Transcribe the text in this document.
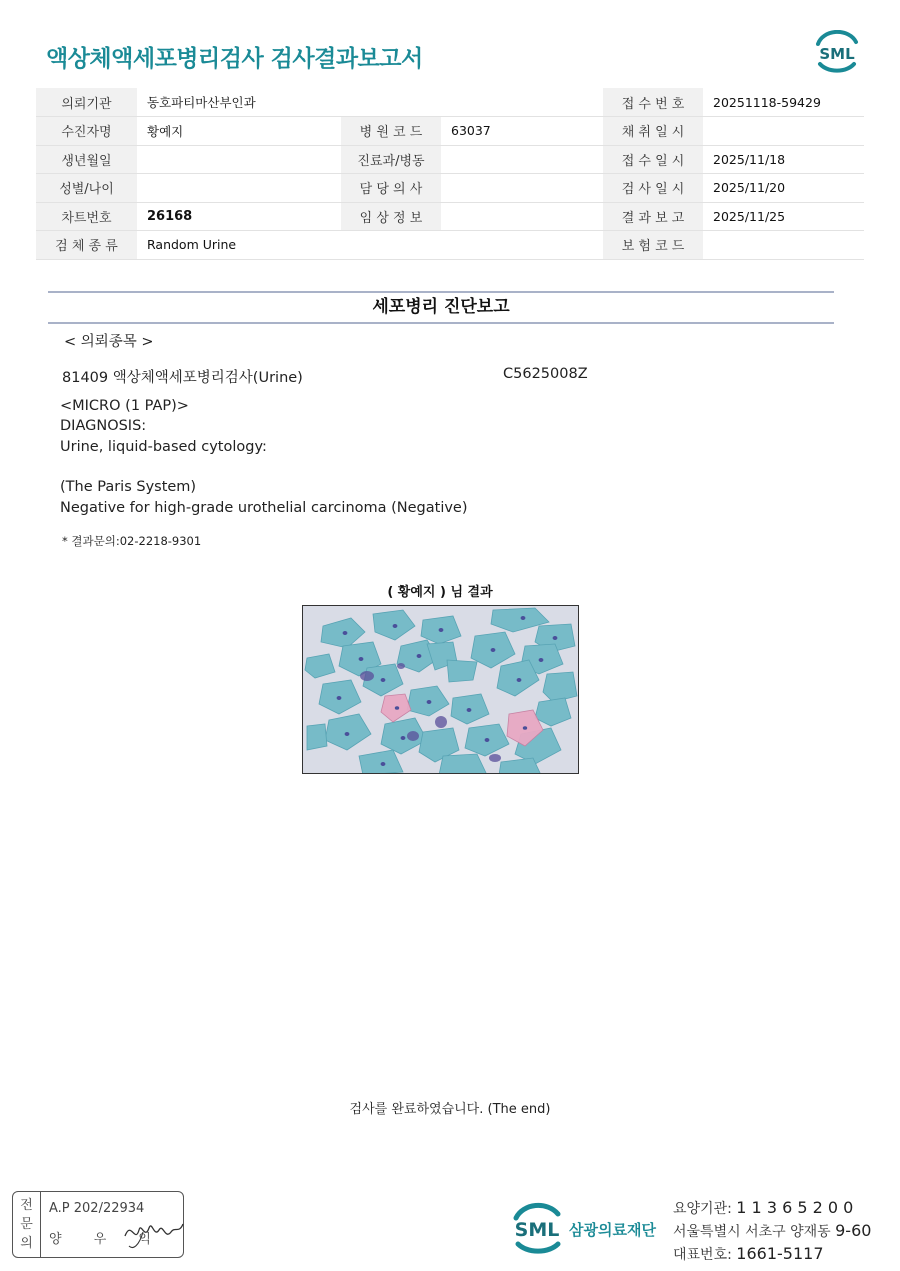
액상체액세포병리검사 검사결과보고서	SML
의뢰기관	동호파티마산부인과			접 수 번 호	20251118-59429
수진자명	황예지	병 원 코 드	63037	채 취 일 시	
생년월일		진료과/병동		접 수 일 시	2025/11/18
성별/나이		담 당 의 사		검 사 일 시	2025/11/20
차트번호	26168	임 상 정 보		결 과 보 고	2025/11/25
검 체 종 류	Random Urine			보 험 코 드	
세포병리 진단보고
< 의뢰종목 >
81409 액상체액세포병리검사(Urine)	C5625008Z
<MICRO (1 PAP)>
DIAGNOSIS:
Urine, liquid-based cytology:
(The Paris System)
Negative for high-grade urothelial carcinoma (Negative)
* 결과문의:02-2218-9301
( 황예지 ) 님 결과
검사를 완료하였습니다. (The end)
전
문
의
A.P 202/22934
양 우 익	SML 삼광의료재단
요양기관: 1 1 3 6 5 2 0 0
서울특별시 서초구 양재동 9-60
대표번호: 1661-5117
